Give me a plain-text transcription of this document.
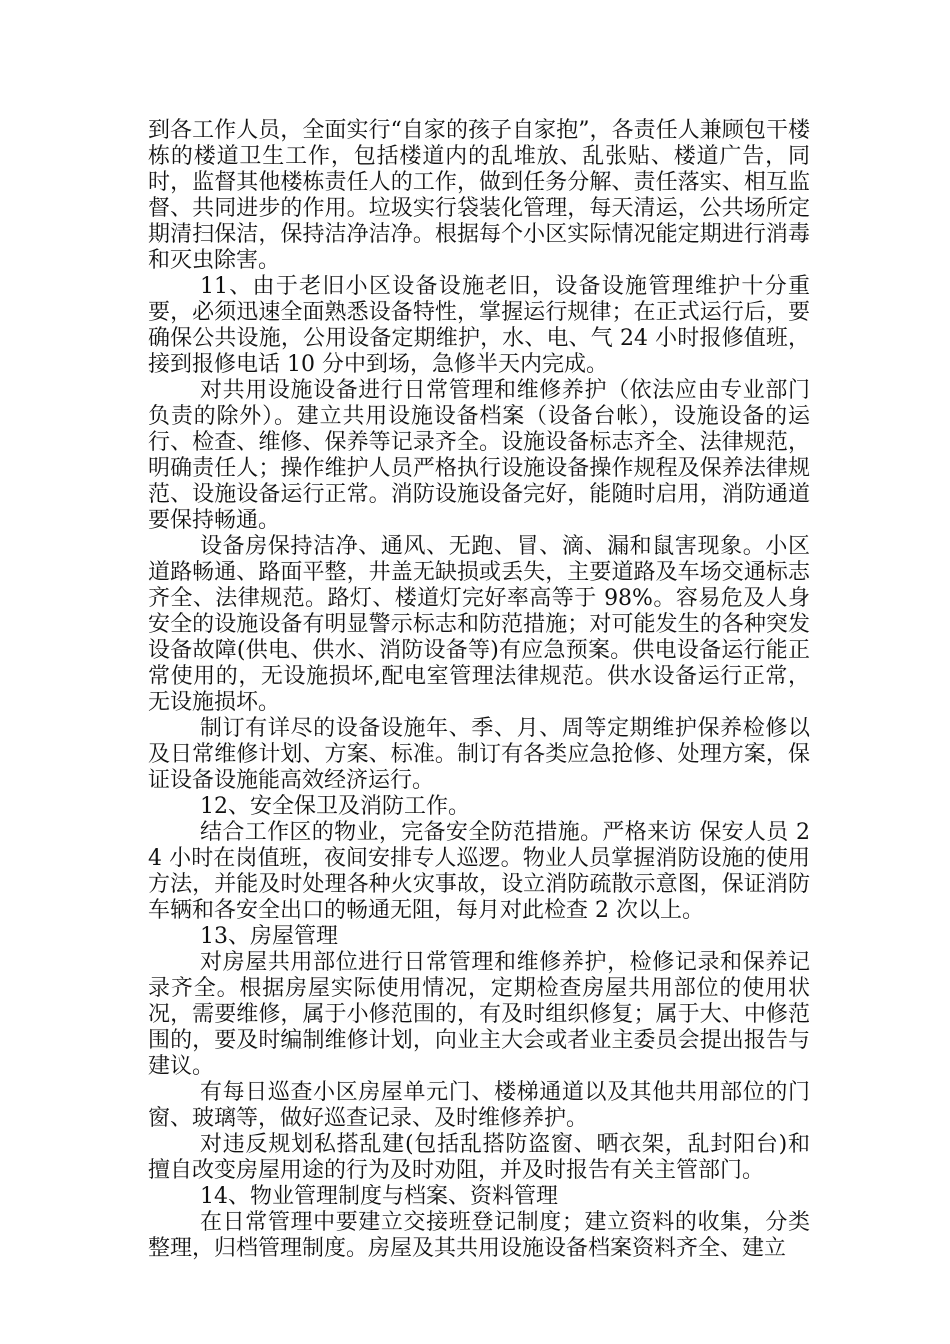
到各工作人员，全面实行“自家的孩子自家抱”，各责任人兼顾包干楼栋的楼道卫生工作，包括楼道内的乱堆放、乱张贴、楼道广告，同时，监督其他楼栋责任人的工作，做到任务分解、责任落实、相互监督、共同进步的作用。垃圾实行袋装化管理，每天清运，公共场所定期清扫保洁，保持洁净洁净。根据每个小区实际情况能定期进行消毒和灭虫除害。

11、由于老旧小区设备设施老旧，设备设施管理维护十分重要，必须迅速全面熟悉设备特性，掌握运行规律；在正式运行后，要确保公共设施，公用设备定期维护，水、电、气 24 小时报修值班，接到报修电话 10 分中到场，急修半天内完成。

对共用设施设备进行日常管理和维修养护（依法应由专业部门负责的除外）。建立共用设施设备档案（设备台帐），设施设备的运行、检查、维修、保养等记录齐全。设施设备标志齐全、法律规范，明确责任人；操作维护人员严格执行设施设备操作规程及保养法律规范、设施设备运行正常。消防设施设备完好，能随时启用，消防通道要保持畅通。

设备房保持洁净、通风、无跑、冒、滴、漏和鼠害现象。小区道路畅通、路面平整，井盖无缺损或丢失，主要道路及车场交通标志齐全、法律规范。路灯、楼道灯完好率高等于 98%。容易危及人身安全的设施设备有明显警示标志和防范措施；对可能发生的各种突发设备故障(供电、供水、消防设备等)有应急预案。供电设备运行能正常使用的，无设施损坏,配电室管理法律规范。供水设备运行正常，无设施损坏。

制订有详尽的设备设施年、季、月、周等定期维护保养检修以及日常维修计划、方案、标准。制订有各类应急抢修、处理方案，保证设备设施能高效经济运行。

12、安全保卫及消防工作。

结合工作区的物业，完备安全防范措施。严格来访 保安人员 24 小时在岗值班，夜间安排专人巡逻。物业人员掌握消防设施的使用方法，并能及时处理各种火灾事故，设立消防疏散示意图，保证消防车辆和各安全出口的畅通无阻，每月对此检查 2 次以上。

13、房屋管理

对房屋共用部位进行日常管理和维修养护，检修记录和保养记录齐全。根据房屋实际使用情况，定期检查房屋共用部位的使用状况，需要维修，属于小修范围的，有及时组织修复；属于大、中修范围的，要及时编制维修计划，向业主大会或者业主委员会提出报告与建议。

有每日巡查小区房屋单元门、楼梯通道以及其他共用部位的门窗、玻璃等，做好巡查记录、及时维修养护。

对违反规划私搭乱建(包括乱搭防盗窗、晒衣架，乱封阳台)和擅自改变房屋用途的行为及时劝阻，并及时报告有关主管部门。

14、物业管理制度与档案、资料管理

在日常管理中要建立交接班登记制度；建立资料的收集，分类整理，归档管理制度。房屋及其共用设施设备档案资料齐全、建立
